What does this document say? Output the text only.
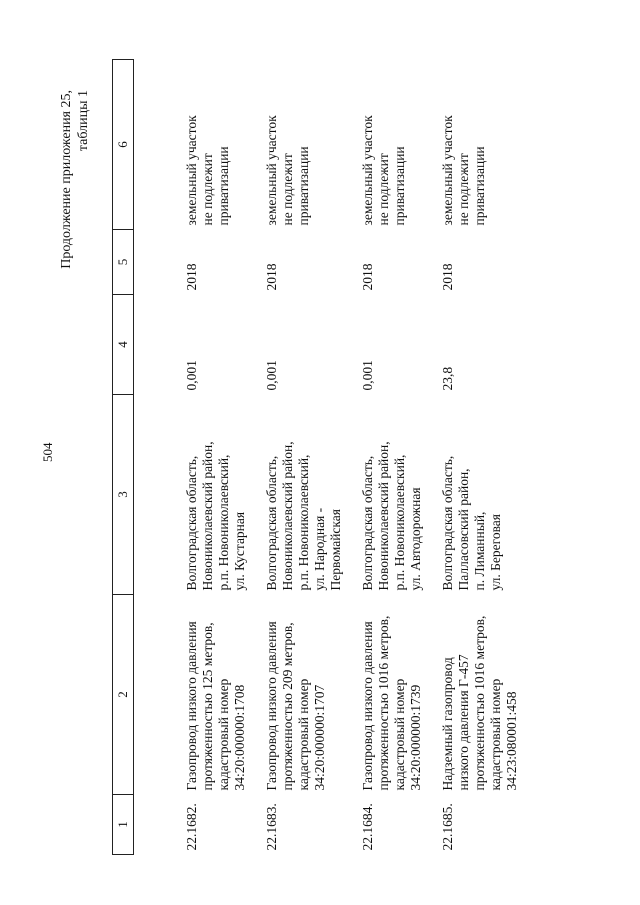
504
Продолжение приложения 25, таблицы 1
1	2	3	4	5	6
22.1682.	Газопровод низкого давления
протяженностью 125 метров,
кадастровый номер
34:20:000000:1708	Волгоградская область,
Новониколаевский район,
р.п. Новониколаевский,
ул. Кустарная	0,001	2018	земельный участок
не подлежит
приватизации
22.1683.	Газопровод низкого давления
протяженностью 209 метров,
кадастровый номер
34:20:000000:1707	Волгоградская область,
Новониколаевский район,
р.п. Новониколаевский,
ул. Народная -
Первомайская	0,001	2018	земельный участок
не подлежит
приватизации
22.1684.	Газопровод низкого давления
протяженностью 1016 метров,
кадастровый номер
34:20:000000:1739	Волгоградская область,
Новониколаевский район,
р.п. Новониколаевский,
ул. Автодорожная	0,001	2018	земельный участок
не подлежит
приватизации
22.1685.	Надземный газопровод
низкого давления Г-457
протяженностью 1016 метров,
кадастровый номер
34:23:080001:458	Волгоградская область,
Палласовский район,
п. Лиманный,
ул. Береговая	23,8	2018	земельный участок
не подлежит
приватизации
